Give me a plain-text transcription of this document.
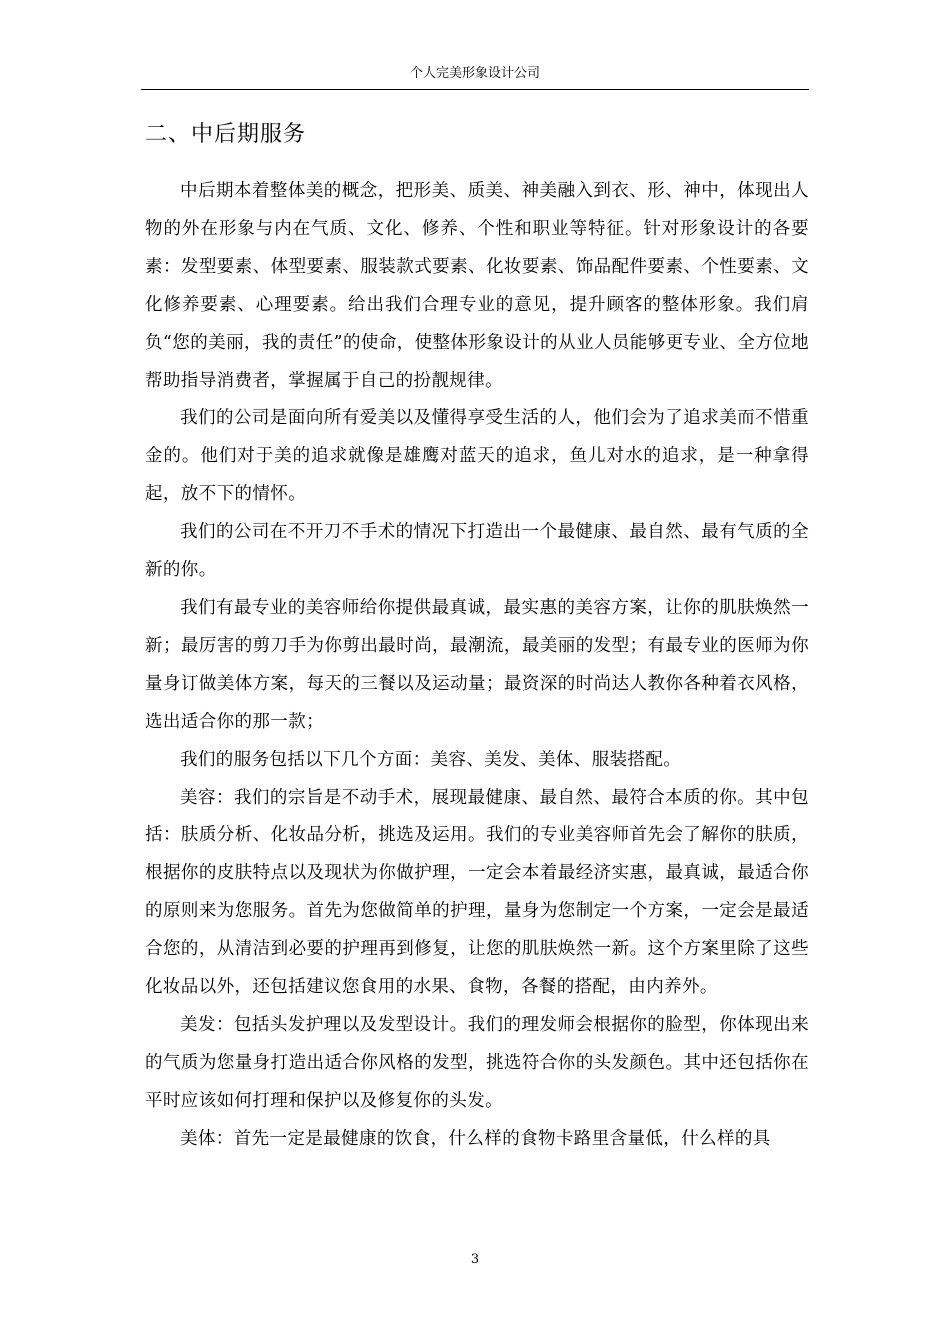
个人完美形象设计公司
二、中后期服务

中后期本着整体美的概念，把形美、质美、神美融入到衣、形、神中，体现出人物的外在形象与内在气质、文化、修养、个性和职业等特征。针对形象设计的各要素：发型要素、体型要素、服装款式要素、化妆要素、饰品配件要素、个性要素、文化修养要素、心理要素。给出我们合理专业的意见，提升顾客的整体形象。我们肩负“您的美丽，我的责任”的使命，使整体形象设计的从业人员能够更专业、全方位地帮助指导消费者，掌握属于自己的扮靓规律。

我们的公司是面向所有爱美以及懂得享受生活的人，他们会为了追求美而不惜重金的。他们对于美的追求就像是雄鹰对蓝天的追求，鱼儿对水的追求，是一种拿得起，放不下的情怀。

我们的公司在不开刀不手术的情况下打造出一个最健康、最自然、最有气质的全新的你。

我们有最专业的美容师给你提供最真诚，最实惠的美容方案，让你的肌肤焕然一新；最厉害的剪刀手为你剪出最时尚，最潮流，最美丽的发型；有最专业的医师为你量身订做美体方案，每天的三餐以及运动量；最资深的时尚达人教你各种着衣风格，选出适合你的那一款；

我们的服务包括以下几个方面：美容、美发、美体、服装搭配。

美容：我们的宗旨是不动手术，展现最健康、最自然、最符合本质的你。其中包括：肤质分析、化妆品分析，挑选及运用。我们的专业美容师首先会了解你的肤质，根据你的皮肤特点以及现状为你做护理，一定会本着最经济实惠，最真诚，最适合你的原则来为您服务。首先为您做简单的护理，量身为您制定一个方案，一定会是最适合您的，从清洁到必要的护理再到修复，让您的肌肤焕然一新。这个方案里除了这些化妆品以外，还包括建议您食用的水果、食物，各餐的搭配，由内养外。

美发：包括头发护理以及发型设计。我们的理发师会根据你的脸型，你体现出来的气质为您量身打造出适合你风格的发型，挑选符合你的头发颜色。其中还包括你在平时应该如何打理和保护以及修复你的头发。

美体：首先一定是最健康的饮食，什么样的食物卡路里含量低，什么样的具

3
